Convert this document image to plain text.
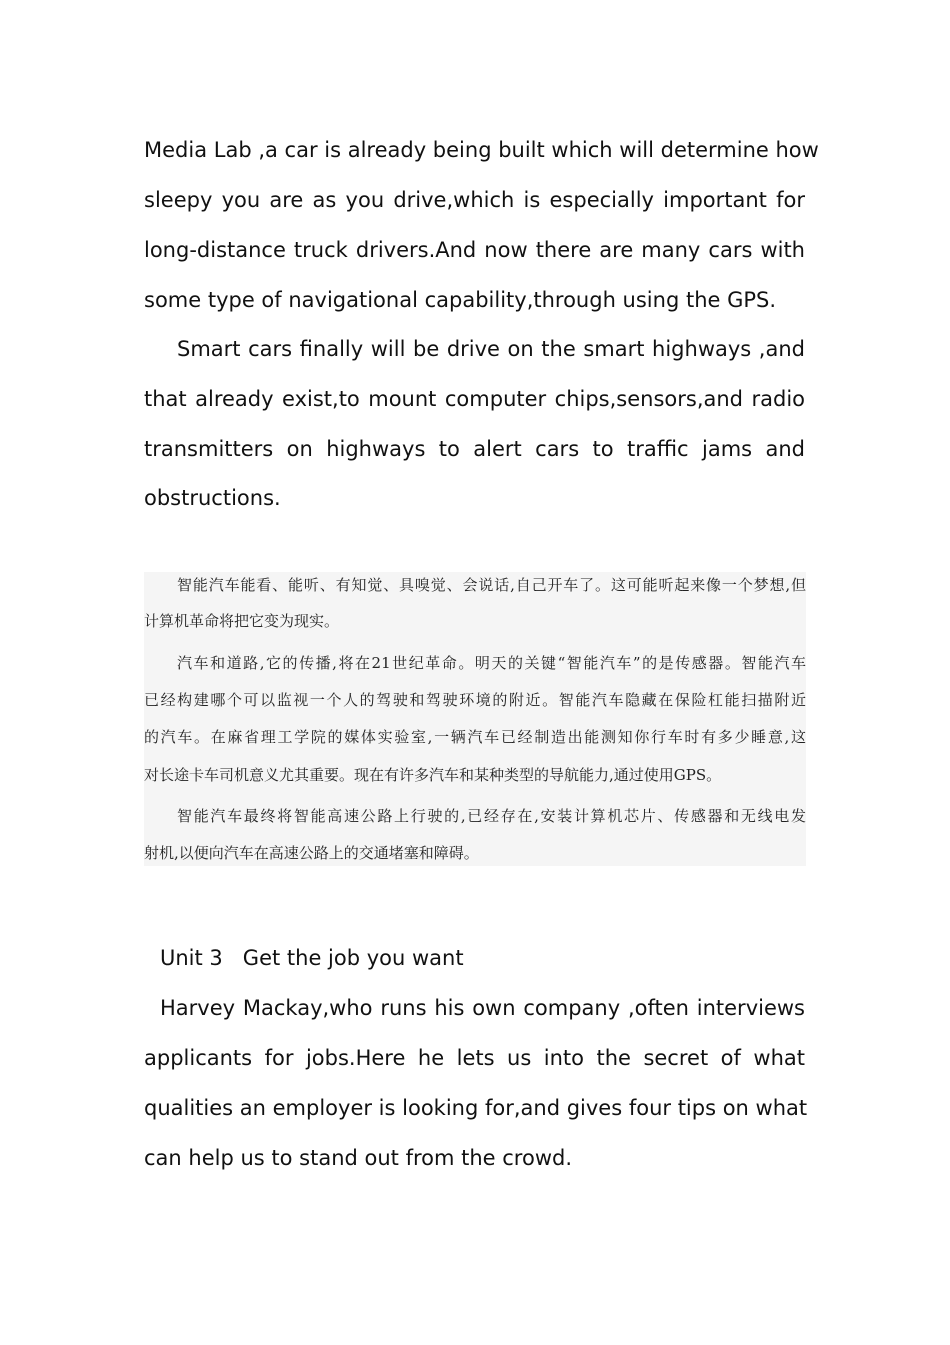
Media Lab ,a car is already being built which will determine how
sleepy you are as you drive,which is especially important for
long-distance truck drivers.And now there are many cars with
some type of navigational capability,through using the GPS.
Smart cars finally will be drive on the smart highways ,and
that already exist,to mount computer chips,sensors,and radio
transmitters on highways to alert cars to traffic jams and
obstructions.
智能汽车能看、能听、有知觉、具嗅觉、会说话,自己开车了。这可能听起来像一个梦想,但
计算机革命将把它变为现实。
汽车和道路,它的传播,将在21世纪革命。明天的关键“智能汽车”的是传感器。智能汽车
已经构建哪个可以监视一个人的驾驶和驾驶环境的附近。智能汽车隐藏在保险杠能扫描附近
的汽车。在麻省理工学院的媒体实验室,一辆汽车已经制造出能测知你行车时有多少睡意,这
对长途卡车司机意义尤其重要。现在有许多汽车和某种类型的导航能力,通过使用GPS。
智能汽车最终将智能高速公路上行驶的,已经存在,安装计算机芯片、传感器和无线电发
射机,以便向汽车在高速公路上的交通堵塞和障碍。
Unit 3   Get the job you want
Harvey Mackay,who runs his own company ,often interviews
applicants for jobs.Here he lets us into the secret of what
qualities an employer is looking for,and gives four tips on what
can help us to stand out from the crowd.
